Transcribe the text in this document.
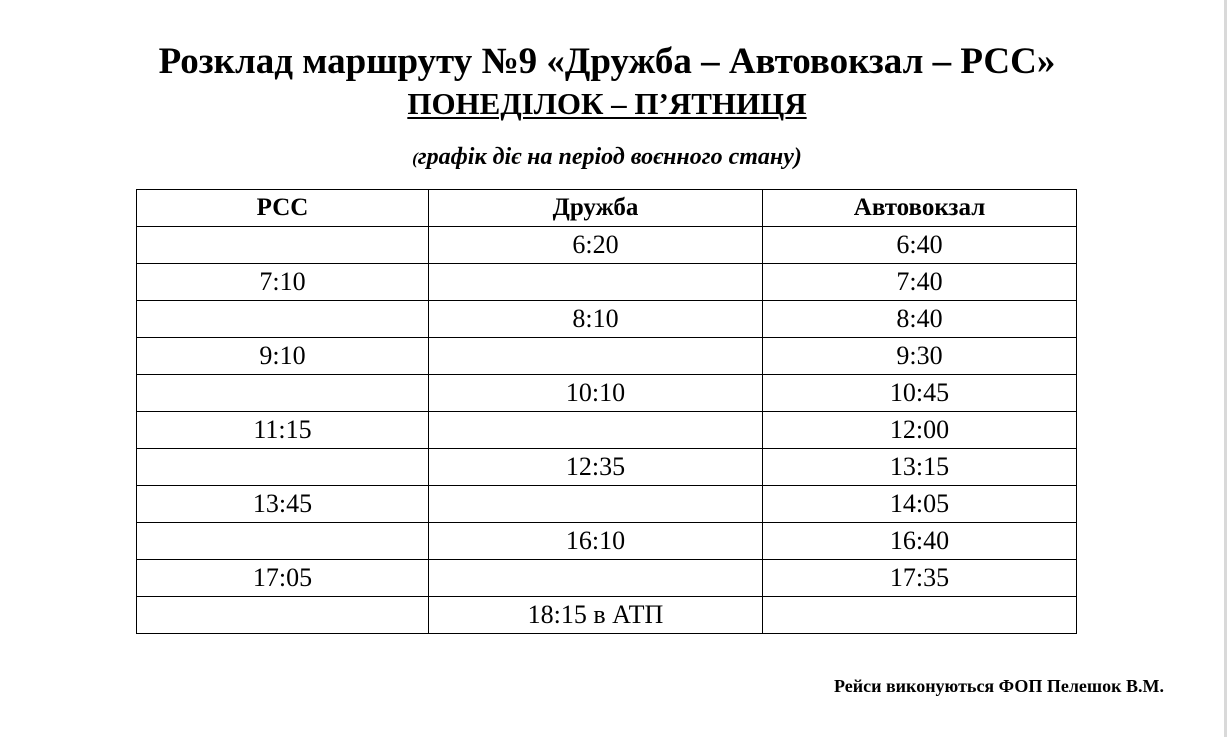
Розклад маршруту №9 «Дружба – Автовокзал – РСС»
ПОНЕДІЛОК – П’ЯТНИЦЯ
(графік діє на період воєнного стану)
РСС	Дружба	Автовокзал
	6:20	6:40
7:10		7:40
	8:10	8:40
9:10		9:30
	10:10	10:45
11:15		12:00
	12:35	13:15
13:45		14:05
	16:10	16:40
17:05		17:35
	18:15 в АТП	
Рейси виконуються ФОП Пелешок В.М.
